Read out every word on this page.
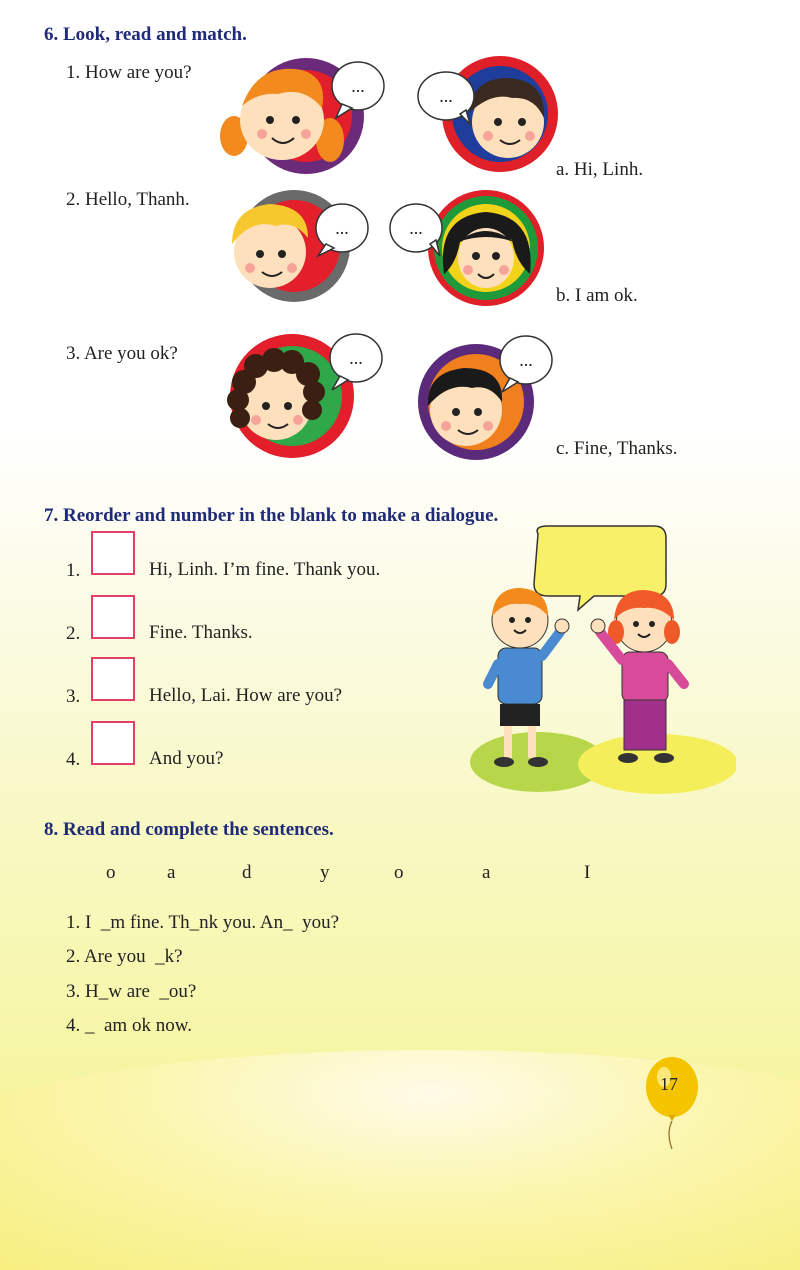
6. Look, read and match.
1. How are you?
2. Hello, Thanh.
3. Are you ok?
a. Hi, Linh.
b. I am ok.
c. Fine, Thanks.
...	...
...	...
...	...
7. Reorder and number in the blank to make a dialogue.
1.	Hi, Linh. I’m fine. Thank you.
2.	Fine. Thanks.
3.	Hello, Lai. How are you?
4.	And you?
8. Read and complete the sentences.
o	a	d	y	o	a	I
1. I  _m fine. Th_nk you. An_  you?
2. Are you  _k?
3. H_w are  _ou?
4. _  am ok now.
17
